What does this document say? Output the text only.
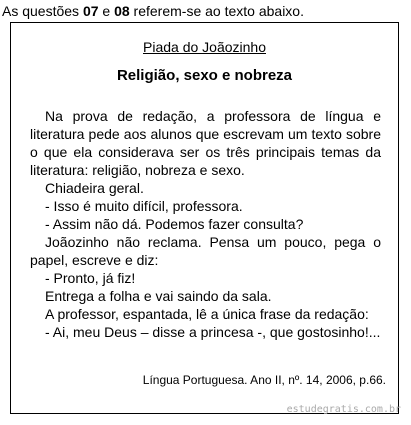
As questões 07 e 08 referem-se ao texto abaixo.
Piada do Joãozinho
Religião, sexo e nobreza

Na prova de redação, a professora de língua e literatura pede aos alunos que escrevam um texto sobre o que ela considerava ser os três principais temas da literatura: religião, nobreza e sexo.

Chiadeira geral.

- Isso é muito difícil, professora.

- Assim não dá. Podemos fazer consulta?

Joãozinho não reclama. Pensa um pouco, pega o papel, escreve e diz:

- Pronto, já fiz!

Entrega a folha e vai saindo da sala.

A professor, espantada, lê a única frase da redação:

- Ai, meu Deus – disse a princesa -, que gostosinho!...

Língua Portuguesa. Ano II, nº. 14, 2006, p.66.
estudegratis.com.br
